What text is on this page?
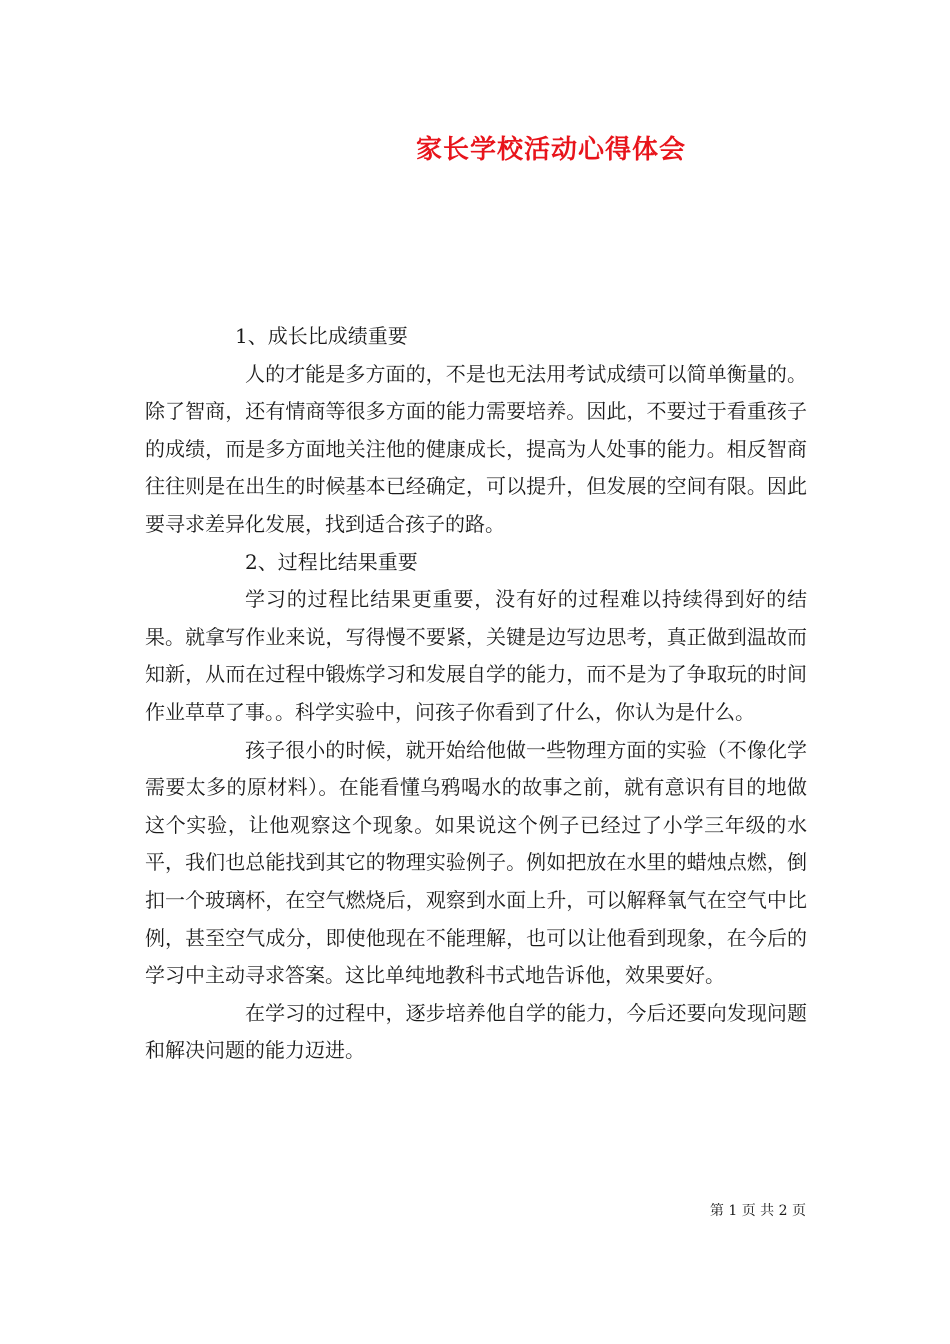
家长学校活动心得体会

1、成长比成绩重要

人的才能是多方面的，不是也无法用考试成绩可以简单衡量的。除了智商，还有情商等很多方面的能力需要培养。因此，不要过于看重孩子的成绩，而是多方面地关注他的健康成长，提高为人处事的能力。相反智商往往则是在出生的时候基本已经确定，可以提升，但发展的空间有限。因此要寻求差异化发展，找到适合孩子的路。

2、过程比结果重要

学习的过程比结果更重要，没有好的过程难以持续得到好的结果。就拿写作业来说，写得慢不要紧，关键是边写边思考，真正做到温故而知新，从而在过程中锻炼学习和发展自学的能力，而不是为了争取玩的时间作业草草了事。。科学实验中，问孩子你看到了什么，你认为是什么。

孩子很小的时候，就开始给他做一些物理方面的实验（不像化学需要太多的原材料）。在能看懂乌鸦喝水的故事之前，就有意识有目的地做这个实验，让他观察这个现象。如果说这个例子已经过了小学三年级的水平，我们也总能找到其它的物理实验例子。例如把放在水里的蜡烛点燃，倒扣一个玻璃杯，在空气燃烧后，观察到水面上升，可以解释氧气在空气中比例，甚至空气成分，即使他现在不能理解，也可以让他看到现象，在今后的学习中主动寻求答案。这比单纯地教科书式地告诉他，效果要好。

在学习的过程中，逐步培养他自学的能力，今后还要向发现问题和解决问题的能力迈进。

第 1 页 共 2 页
